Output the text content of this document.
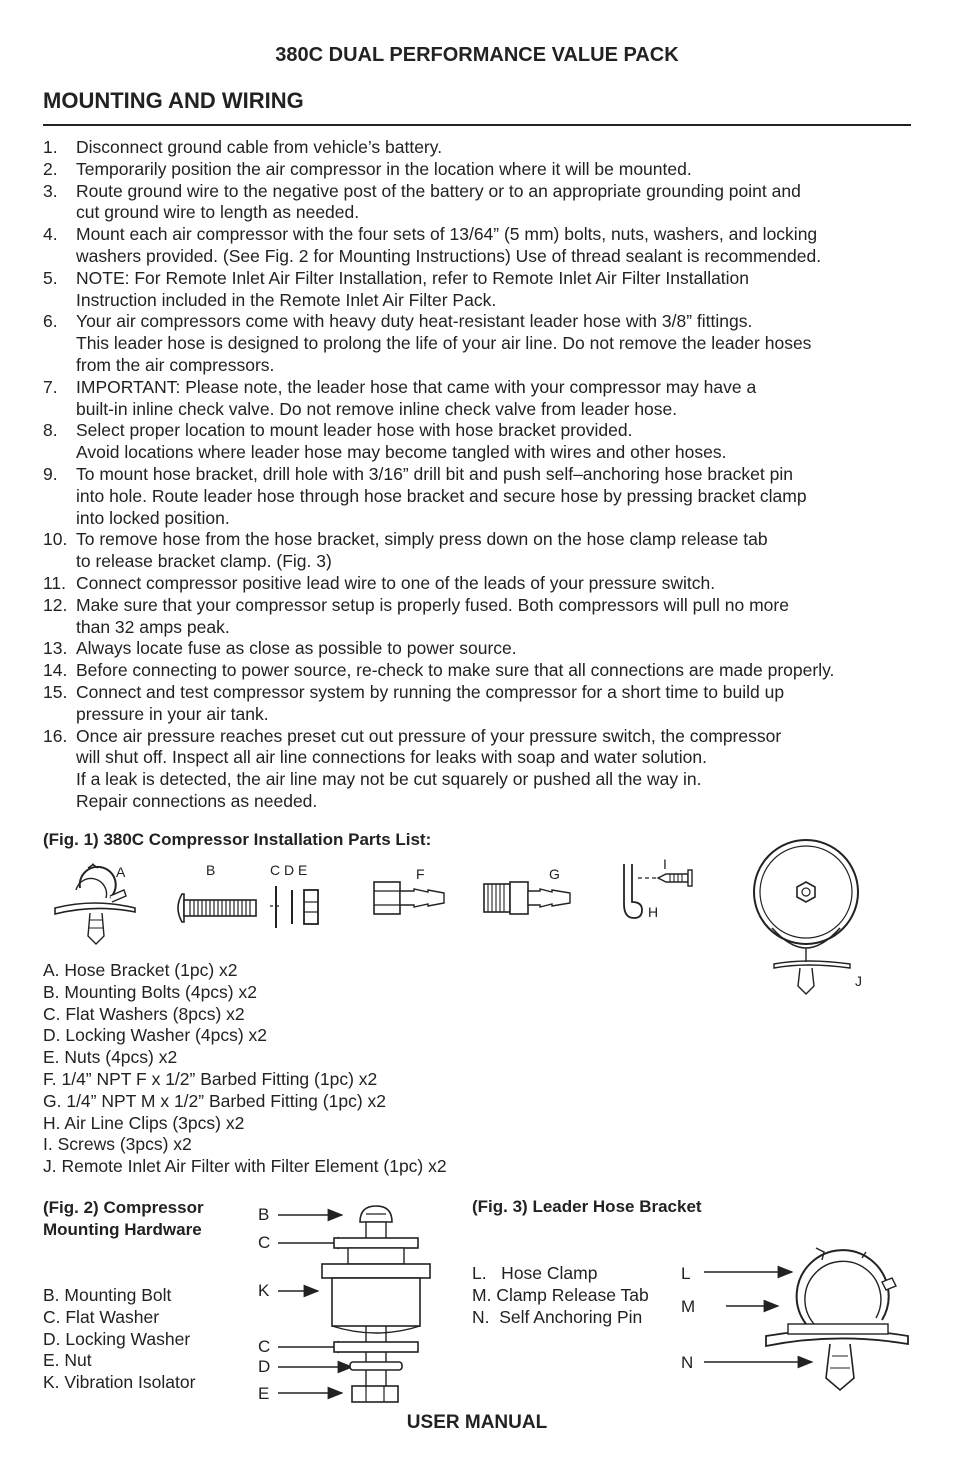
380C DUAL PERFORMANCE VALUE PACK
MOUNTING AND WIRING
1. Disconnect ground cable from vehicle’s battery.
2. Temporarily position the air compressor in the location where it will be mounted.
3. Route ground wire to the negative post of the battery or to an appropriate grounding point and
cut ground wire to length as needed.
4. Mount each air compressor with the four sets of 13/64” (5 mm) bolts, nuts, washers, and locking
washers provided. (See Fig. 2 for Mounting Instructions) Use of thread sealant is recommended.
5. NOTE: For Remote Inlet Air Filter Installation, refer to Remote Inlet Air Filter Installation
Instruction included in the Remote Inlet Air Filter Pack.
6. Your air compressors come with heavy duty heat-resistant leader hose with 3/8” fittings.
This leader hose is designed to prolong the life of your air line. Do not remove the leader hoses
from the air compressors.
7. IMPORTANT: Please note, the leader hose that came with your compressor may have a
built-in inline check valve. Do not remove inline check valve from leader hose.
8. Select proper location to mount leader hose with hose bracket provided.
Avoid locations where leader hose may become tangled with wires and other hoses.
9. To mount hose bracket, drill hole with 3/16” drill bit and push self–anchoring hose bracket pin
into hole. Route leader hose through hose bracket and secure hose by pressing bracket clamp
into locked position.
10. To remove hose from the hose bracket, simply press down on the hose clamp release tab
to release bracket clamp. (Fig. 3)
11. Connect compressor positive lead wire to one of the leads of your pressure switch.
12. Make sure that your compressor setup is properly fused. Both compressors will pull no more
than 32 amps peak.
13. Always locate fuse as close as possible to power source.
14. Before connecting to power source, re-check to make sure that all connections are made properly.
15. Connect and test compressor system by running the compressor for a short time to build up
pressure in your air tank.
16. Once air pressure reaches preset cut out pressure of your pressure switch, the compressor
will shut off. Inspect all air line connections for leaks with soap and water solution.
If a leak is detected, the air line may not be cut squarely or pushed all the way in.
Repair connections as needed.
(Fig. 1) 380C Compressor Installation Parts List:
A	B	C D E	F	G
I
H
J
A. Hose Bracket (1pc) x2
B. Mounting Bolts (4pcs) x2
C. Flat Washers (8pcs) x2
D. Locking Washer (4pcs) x2
E. Nuts (4pcs) x2
F. 1/4” NPT F x 1/2” Barbed Fitting (1pc) x2
G. 1/4” NPT M x 1/2” Barbed Fitting (1pc) x2
H. Air Line Clips (3pcs) x2
I. Screws (3pcs) x2
J. Remote Inlet Air Filter with Filter Element (1pc) x2
(Fig. 2) Compressor
Mounting Hardware
B. Mounting Bolt
C. Flat Washer
D. Locking Washer
E. Nut
K. Vibration Isolator
B
C
K
C
D
E
(Fig. 3) Leader Hose Bracket
L.   Hose Clamp
M. Clamp Release Tab
N.  Self Anchoring Pin
L
M
N
USER MANUAL
